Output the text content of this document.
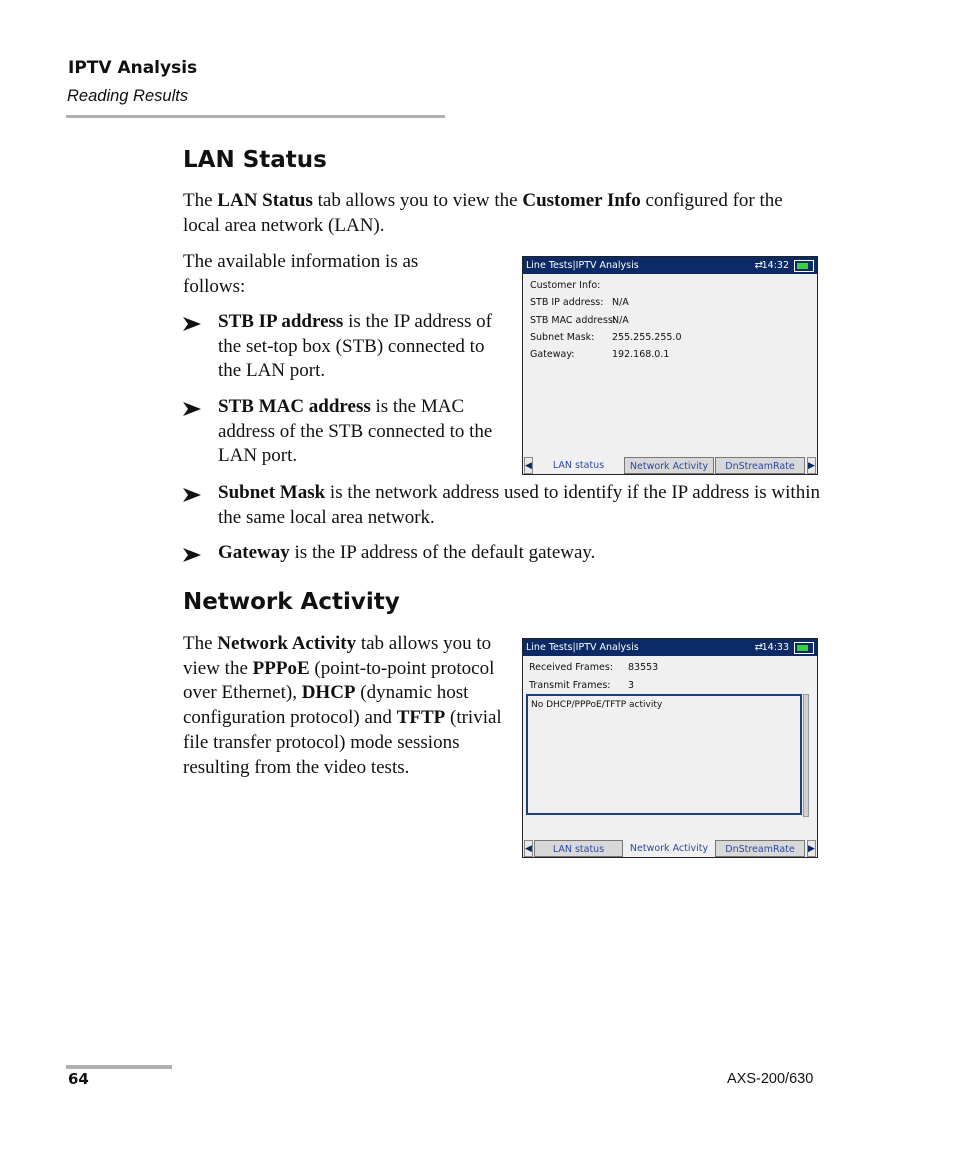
IPTV Analysis
Reading Results
LAN Status
The LAN Status tab allows you to view the Customer Info configured for the local area network (LAN).
The available information is as follows:
STB IP address is the IP address of the set-top box (STB) connected to the LAN port.
STB MAC address is the MAC address of the STB connected to the LAN port.
Subnet Mask is the network address used to identify if the IP address is within the same local area network.
Gateway is the IP address of the default gateway.
Line Tests|IPTV Analysis	⇄
14:32
Customer Info:
STB IP address: N/A
STB MAC address:
N/A
Subnet Mask: 255.255.255.0
Gateway:	192.168.0.1
◀	LAN status	Network Activity	DnStreamRate	▶
Network Activity
The Network Activity tab allows you to view the PPPoE (point-to-point protocol over Ethernet), DHCP (dynamic host configuration protocol) and TFTP (trivial file transfer protocol) mode sessions resulting from the video tests.
Line Tests|IPTV Analysis	⇄
14:33
Received Frames: 83553
Transmit Frames: 3
No DHCP/PPPoE/TFTP activity
◀	LAN status	Network Activity	DnStreamRate	▶
64	AXS-200/630
